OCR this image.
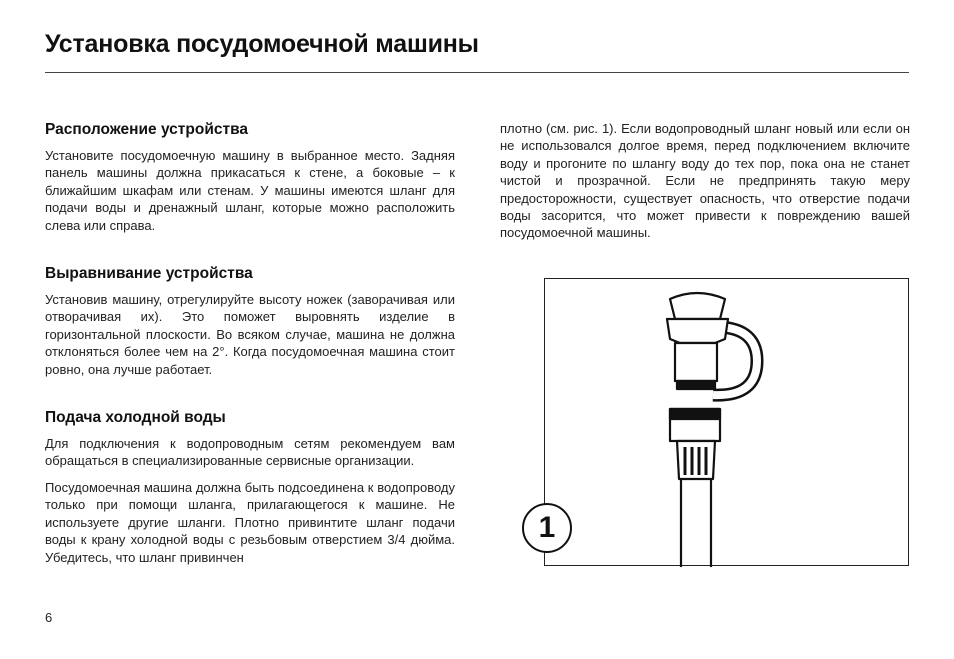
Установка посудомоечной машины
Расположение устройства

Установите посудомоечную машину в выбранное место. Задняя панель машины должна прикасаться к стене, а боковые – к ближайшим шкафам или стенам. У машины имеются шланг для подачи воды и дренажный шланг, которые можно расположить слева или справа.

Выравнивание устройства

Установив машину, отрегулируйте высоту ножек (заворачивая или отворачивая их). Это поможет выровнять изделие в горизонтальной плоскости. Во всяком случае, машина не должна отклоняться более чем на 2°. Когда посудомоечная машина стоит ровно, она лучше работает.

Подача холодной воды

Для подключения к водопроводным сетям рекомендуем вам обращаться в специализированные сервисные организации.

Посудомоечная машина должна быть подсоединена к водопроводу только при помощи шланга, прилагающегося к машине. Не используете другие шланги. Плотно привинтите шланг подачи воды к крану холодной воды с резьбовым отверстием 3/4 дюйма. Убедитесь, что шланг привинчен

плотно (см. рис. 1). Если водопроводный шланг новый или если он не использовался долгое время, перед подключением включите воду и прогоните по шлангу воду до тех пор, пока она не станет чистой и прозрачной. Если не предпринять такую меру предосторожности, существует опасность, что отверстие подачи воды засорится, что может привести к повреждению вашей посудомоечной машины.

1
6
